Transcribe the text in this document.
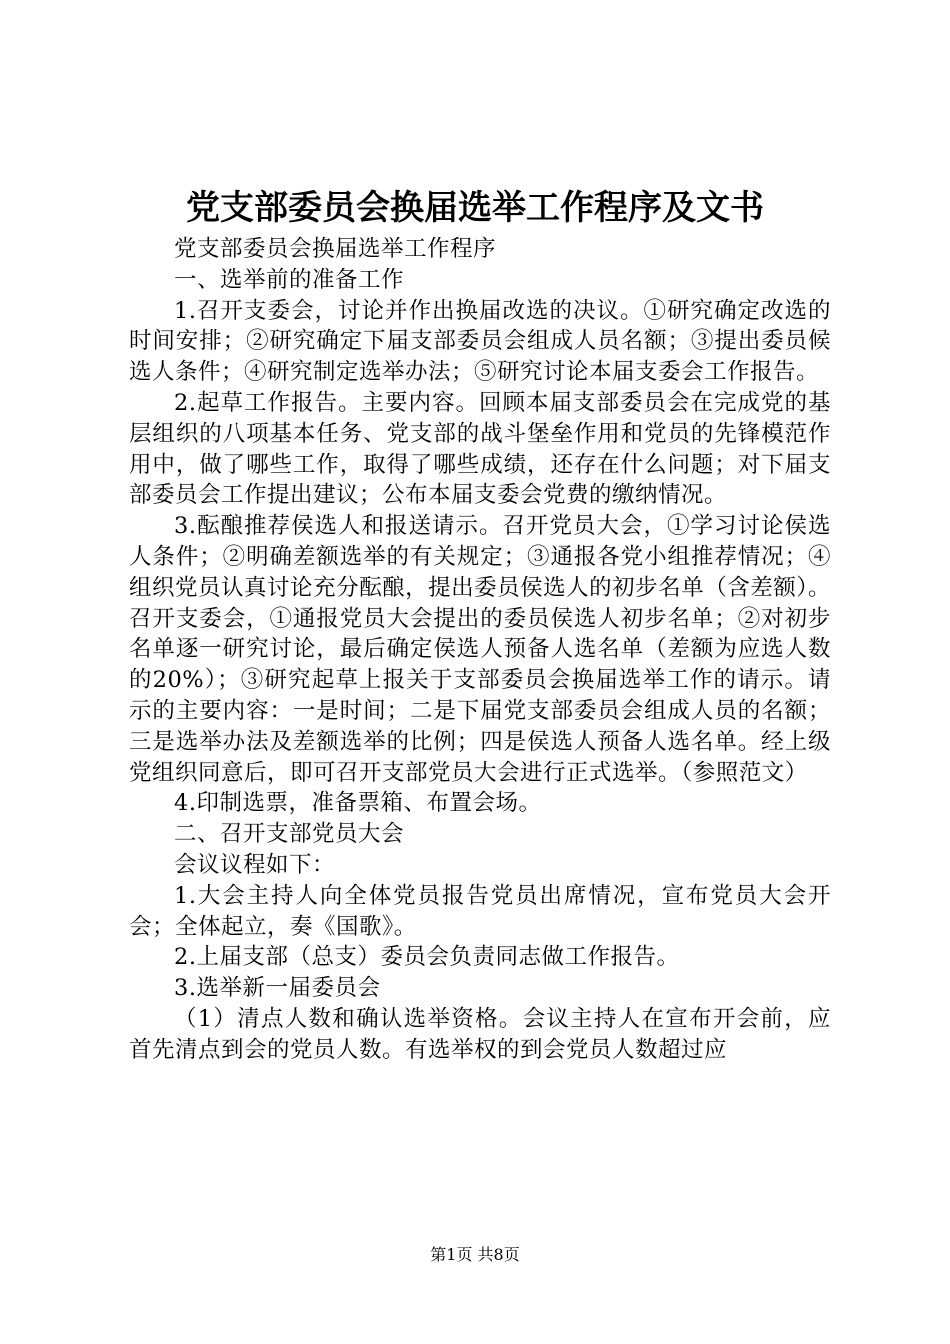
党支部委员会换届选举工作程序及文书

党支部委员会换届选举工作程序

一、选举前的准备工作

1.召开支委会，讨论并作出换届改选的决议。①研究确定改选的时间安排；②研究确定下届支部委员会组成人员名额；③提出委员候选人条件；④研究制定选举办法；⑤研究讨论本届支委会工作报告。

2.起草工作报告。主要内容。回顾本届支部委员会在完成党的基层组织的八项基本任务、党支部的战斗堡垒作用和党员的先锋模范作用中，做了哪些工作，取得了哪些成绩，还存在什么问题；对下届支部委员会工作提出建议；公布本届支委会党费的缴纳情况。

3.酝酿推荐侯选人和报送请示。召开党员大会，①学习讨论侯选人条件；②明确差额选举的有关规定；③通报各党小组推荐情况；④组织党员认真讨论充分酝酿，提出委员侯选人的初步名单（含差额）。召开支委会，①通报党员大会提出的委员侯选人初步名单；②对初步名单逐一研究讨论，最后确定侯选人预备人选名单（差额为应选人数的20%）；③研究起草上报关于支部委员会换届选举工作的请示。请示的主要内容：一是时间；二是下届党支部委员会组成人员的名额；三是选举办法及差额选举的比例；四是侯选人预备人选名单。经上级党组织同意后，即可召开支部党员大会进行正式选举。（参照范文）

4.印制选票，准备票箱、布置会场。

二、召开支部党员大会

会议议程如下：

1.大会主持人向全体党员报告党员出席情况，宣布党员大会开会；全体起立，奏《国歌》。

2.上届支部（总支）委员会负责同志做工作报告。

3.选举新一届委员会

（1）清点人数和确认选举资格。会议主持人在宣布开会前，应首先清点到会的党员人数。有选举权的到会党员人数超过应

第1页 共8页
